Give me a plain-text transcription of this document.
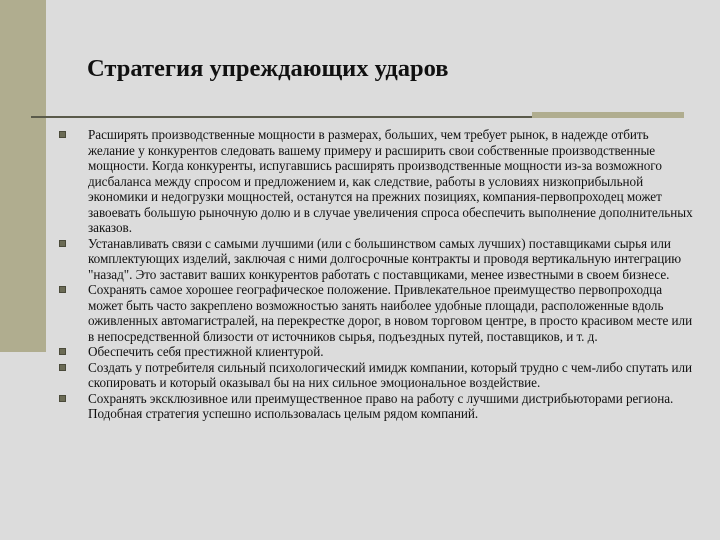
Стратегия упреждающих ударов
Расширять производственные мощности в размерах, больших, чем требует рынок, в надежде отбить желание у конкурентов следовать вашему примеру и расширить свои собственные производственные мощности. Когда конкуренты, испугавшись расширять производственные мощности из-за возможного дисбаланса между спросом и предложением и, как следствие, работы в условиях низкоприбыльной экономики и недогрузки мощностей, останутся на прежних позициях, компания-первопроходец может завоевать большую рыночную долю и в случае увеличения спроса обеспечить выполнение дополнительных заказов.
Устанавливать связи с самыми лучшими (или с большинством самых лучших) поставщиками сырья или комплектующих изделий, заключая с ними долгосрочные контракты и проводя вертикальную интеграцию "назад". Это заставит ваших конкурентов работать с поставщиками, менее известными в своем бизнесе.
Сохранять самое хорошее географическое положение. Привлекательное преимущество первопроходца может быть часто закреплено возможностью занять наиболее удобные площади, расположенные вдоль оживленных автомагистралей, на перекрестке дорог, в новом торговом центре, в просто красивом месте или в непосредственной близости от источников сырья, подъездных путей, поставщиков, и т. д.
Обеспечить себя престижной клиентурой.
Создать у потребителя сильный психологический имидж компании, который трудно с чем-либо спутать или скопировать и который оказывал бы на них сильное эмоциональное воздействие.
Сохранять эксклюзивное или преимущественное право на работу с лучшими дистрибьюторами региона. Подобная стратегия успешно использовалась целым рядом компаний.
